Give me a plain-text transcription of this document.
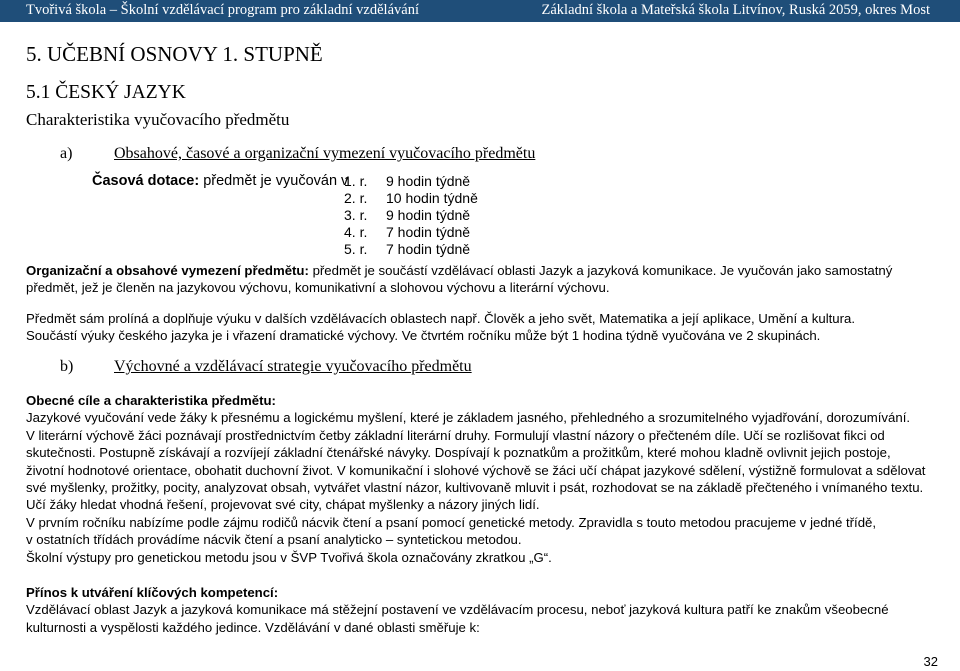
Tvořivá škola – Školní vzdělávací program pro základní vzdělávání	Základní škola a Mateřská škola Litvínov, Ruská 2059, okres Most
5. UČEBNÍ OSNOVY 1. STUPNĚ
5.1 ČESKÝ JAZYK
Charakteristika vyučovacího předmětu
a)	Obsahové, časové a organizační vymezení vyučovacího předmětu
Časová dotace: předmět je vyučován v
1. r. 9 hodin týdně
2. r. 10 hodin týdně
3. r. 9 hodin týdně
4. r. 7 hodin týdně
5. r. 7 hodin týdně
Organizační a obsahové vymezení předmětu: předmět je součástí vzdělávací oblasti Jazyk a jazyková komunikace. Je vyučován jako samostatný
předmět, jež je členěn na jazykovou výchovu, komunikativní a slohovou výchovu a literární výchovu.
Předmět sám prolíná a doplňuje výuku v dalších vzdělávacích oblastech např. Člověk a jeho svět, Matematika a její aplikace, Umění a kultura.
Součástí výuky českého jazyka je i vřazení dramatické výchovy. Ve čtvrtém ročníku může být 1 hodina týdně vyučována ve 2 skupinách.
b)	Výchovné a vzdělávací strategie vyučovacího předmětu
Obecné cíle a charakteristika předmětu:
Jazykové vyučování vede žáky k přesnému a logickému myšlení, které je základem jasného, přehledného a srozumitelného vyjadřování, dorozumívání.
V literární výchově žáci poznávají prostřednictvím četby základní literární druhy. Formulují vlastní názory o přečteném díle. Učí se rozlišovat fikci od
skutečnosti. Postupně získávají a rozvíjejí základní čtenářské návyky. Dospívají k poznatkům a prožitkům, které mohou kladně ovlivnit jejich postoje,
životní hodnotové orientace, obohatit duchovní život. V komunikační i slohové výchově se žáci učí chápat jazykové sdělení, výstižně formulovat a sdělovat
své myšlenky, prožitky, pocity, analyzovat obsah, vytvářet vlastní názor, kultivovaně mluvit i psát, rozhodovat se na základě přečteného i vnímaného textu.
Učí žáky hledat vhodná řešení, projevovat své city, chápat myšlenky a názory jiných lidí.
V prvním ročníku nabízíme podle zájmu rodičů nácvik čtení a psaní pomocí genetické metody. Zpravidla s touto metodou pracujeme v jedné třídě,
v ostatních třídách provádíme nácvik čtení a psaní analyticko – syntetickou metodou.
Školní výstupy pro genetickou metodu jsou v ŠVP Tvořivá škola označovány zkratkou „G“.
Přínos k utváření klíčových kompetencí:
Vzdělávací oblast Jazyk a jazyková komunikace má stěžejní postavení ve vzdělávacím procesu, neboť jazyková kultura patří ke znakům všeobecné
kulturnosti a vyspělosti každého jedince. Vzdělávání v dané oblasti směřuje k:
32
